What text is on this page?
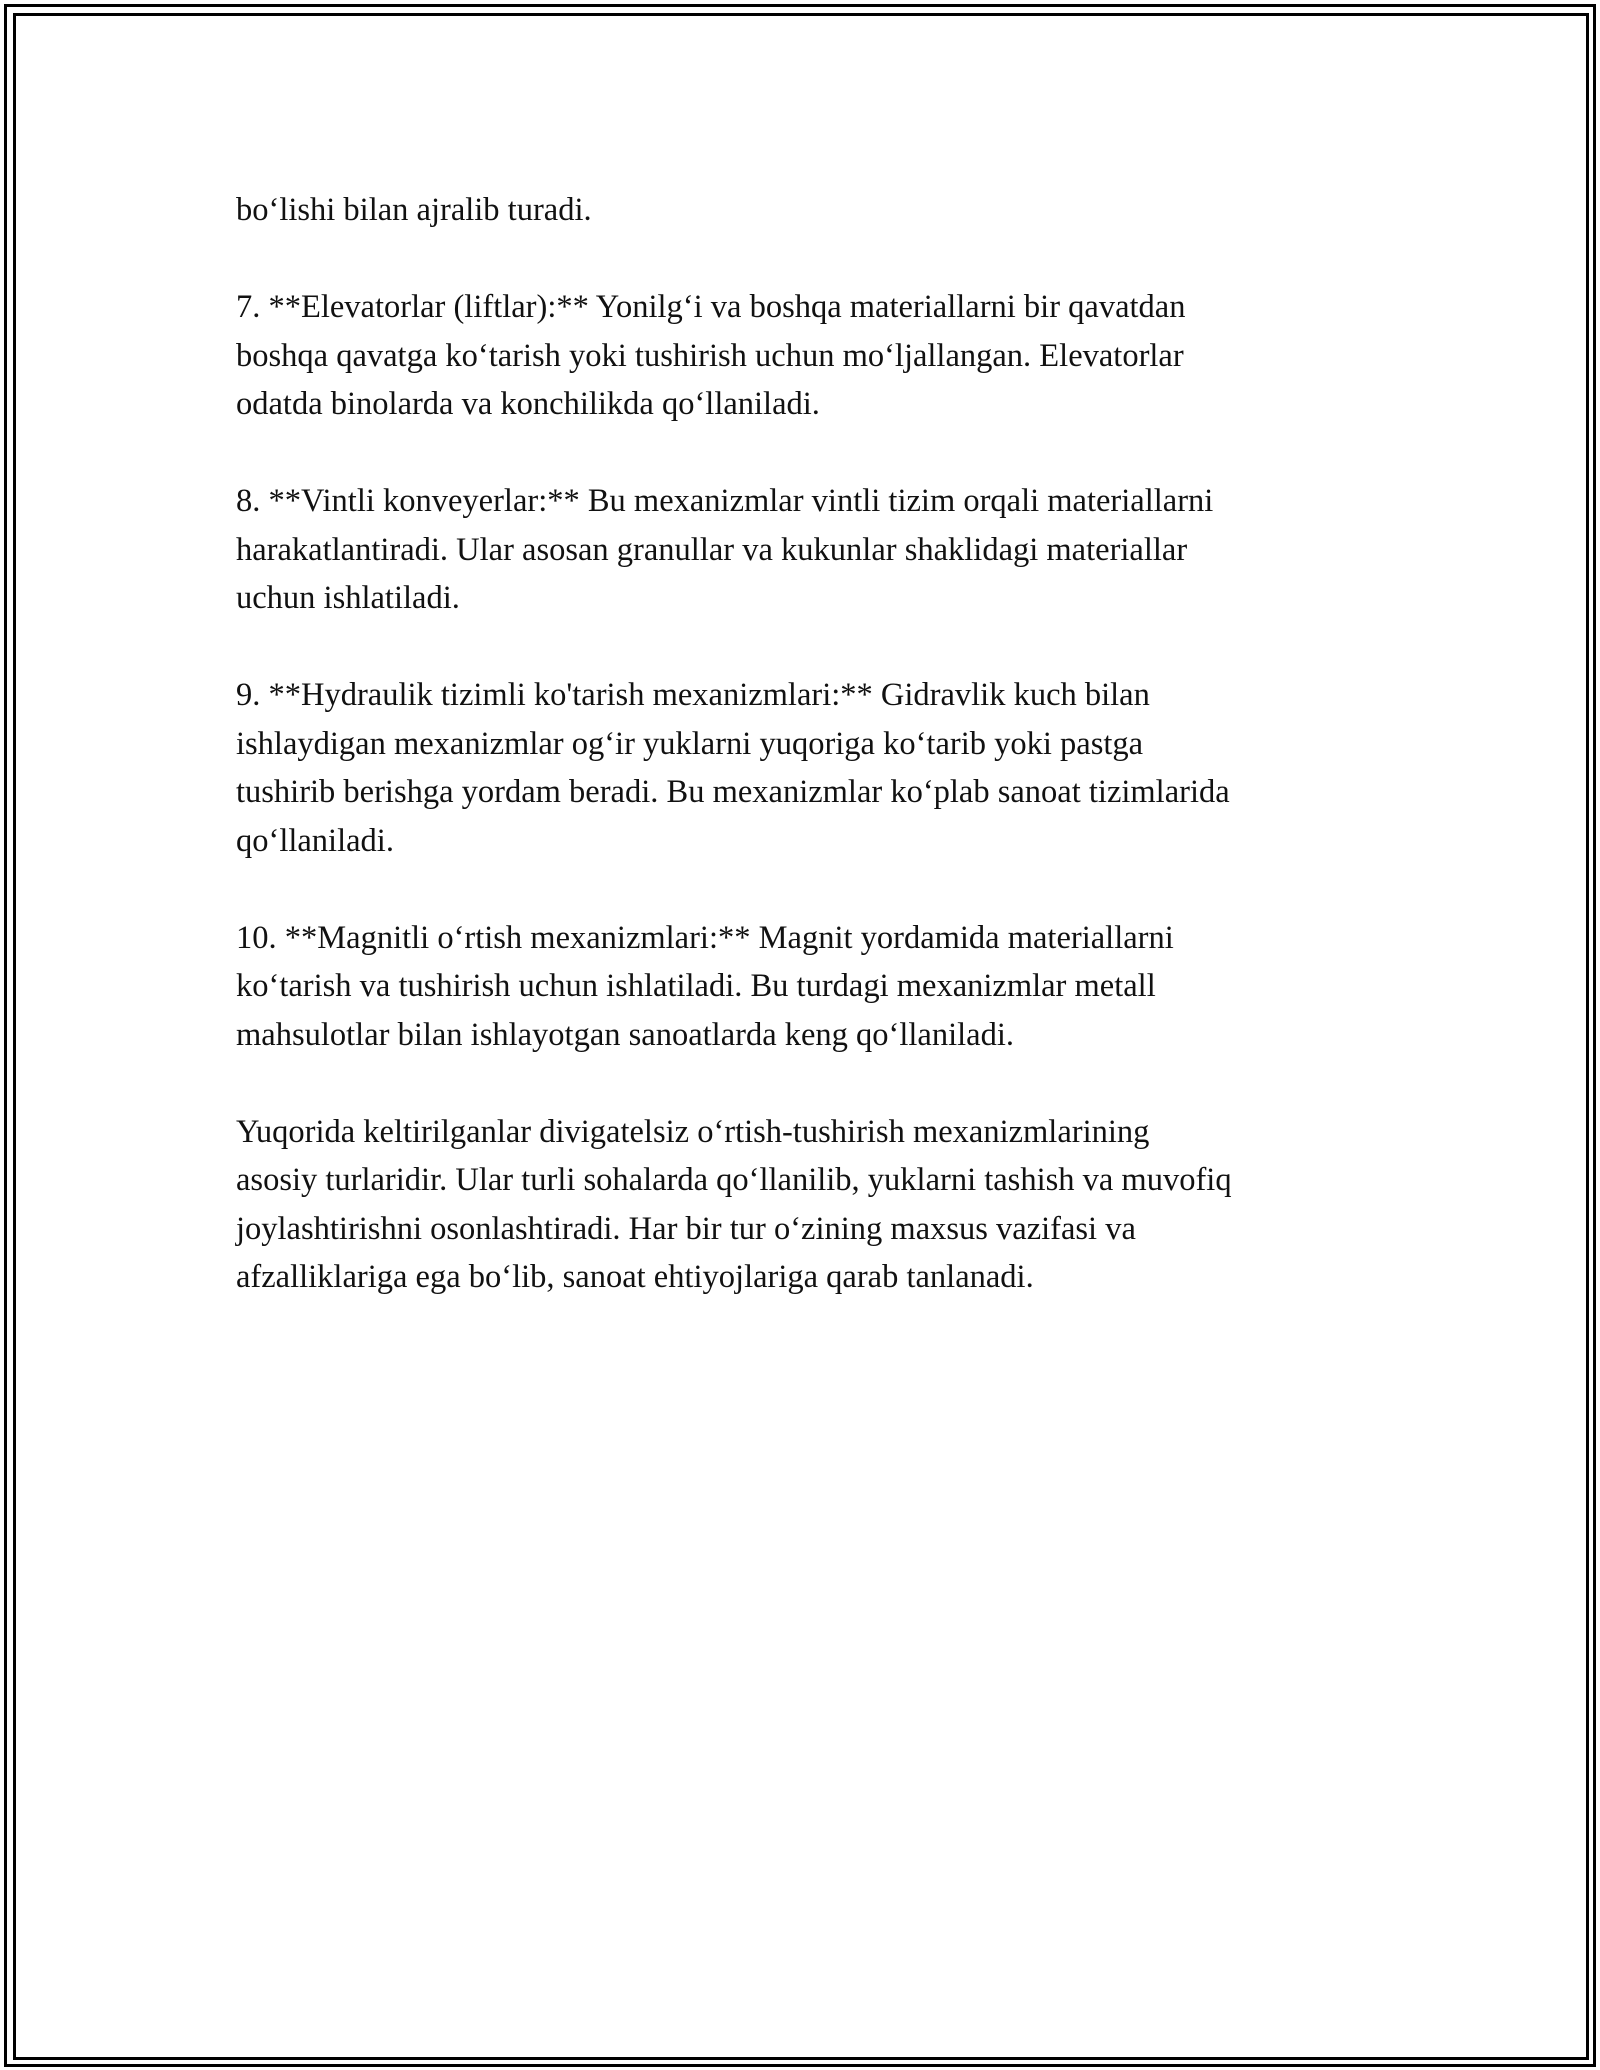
bo‘lishi bilan ajralib turadi.

7. **Elevatorlar (liftlar):** Yonilg‘i va boshqa materiallarni bir qavatdan
boshqa qavatga ko‘tarish yoki tushirish uchun mo‘ljallangan. Elevatorlar
odatda binolarda va konchilikda qo‘llaniladi.

8. **Vintli konveyerlar:** Bu mexanizmlar vintli tizim orqali materiallarni
harakatlantiradi. Ular asosan granullar va kukunlar shaklidagi materiallar
uchun ishlatiladi.

9. **Hydraulik tizimli ko'tarish mexanizmlari:** Gidravlik kuch bilan
ishlaydigan mexanizmlar og‘ir yuklarni yuqoriga ko‘tarib yoki pastga
tushirib berishga yordam beradi. Bu mexanizmlar ko‘plab sanoat tizimlarida
qo‘llaniladi.

10. **Magnitli o‘rtish mexanizmlari:** Magnit yordamida materiallarni
ko‘tarish va tushirish uchun ishlatiladi. Bu turdagi mexanizmlar metall
mahsulotlar bilan ishlayotgan sanoatlarda keng qo‘llaniladi.

Yuqorida keltirilganlar divigatelsiz o‘rtish-tushirish mexanizmlarining
asosiy turlaridir. Ular turli sohalarda qo‘llanilib, yuklarni tashish va muvofiq
joylashtirishni osonlashtiradi. Har bir tur o‘zining maxsus vazifasi va
afzalliklariga ega bo‘lib, sanoat ehtiyojlariga qarab tanlanadi.
